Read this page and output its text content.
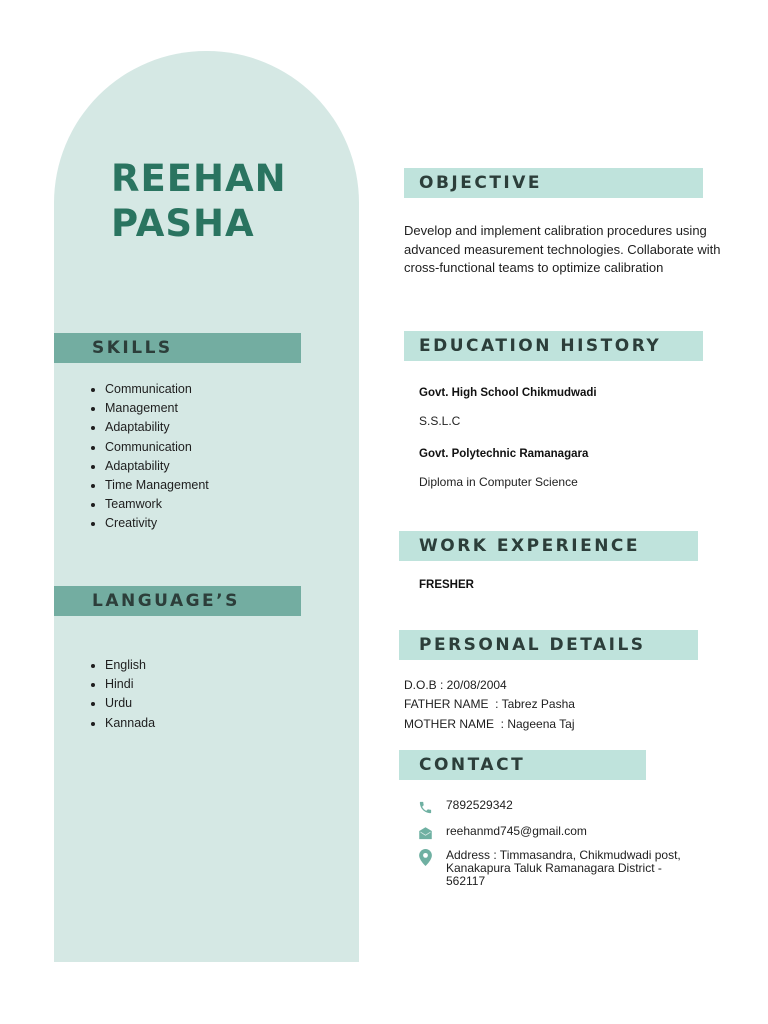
REEHAN
PASHA
SKILLS
• Communication
• Management
• Adaptability
• Communication
• Adaptability
• Time Management
• Teamwork
• Creativity
LANGUAGE’S
• English
• Hindi
• Urdu
• Kannada
OBJECTIVE
Develop and implement calibration procedures using advanced measurement technologies. Collaborate with cross-functional teams to optimize calibration
EDUCATION HISTORY
Govt. High School Chikmudwadi
S.S.L.C
Govt. Polytechnic Ramanagara
Diploma in Computer Science
WORK EXPERIENCE
FRESHER
PERSONAL DETAILS
D.O.B : 20/08/2004
FATHER NAME  : Tabrez Pasha
MOTHER NAME  : Nageena Taj
CONTACT
7892529342
reehanmd745@gmail.com
Address : Timmasandra, Chikmudwadi post, Kanakapura Taluk Ramanagara District - 562117
